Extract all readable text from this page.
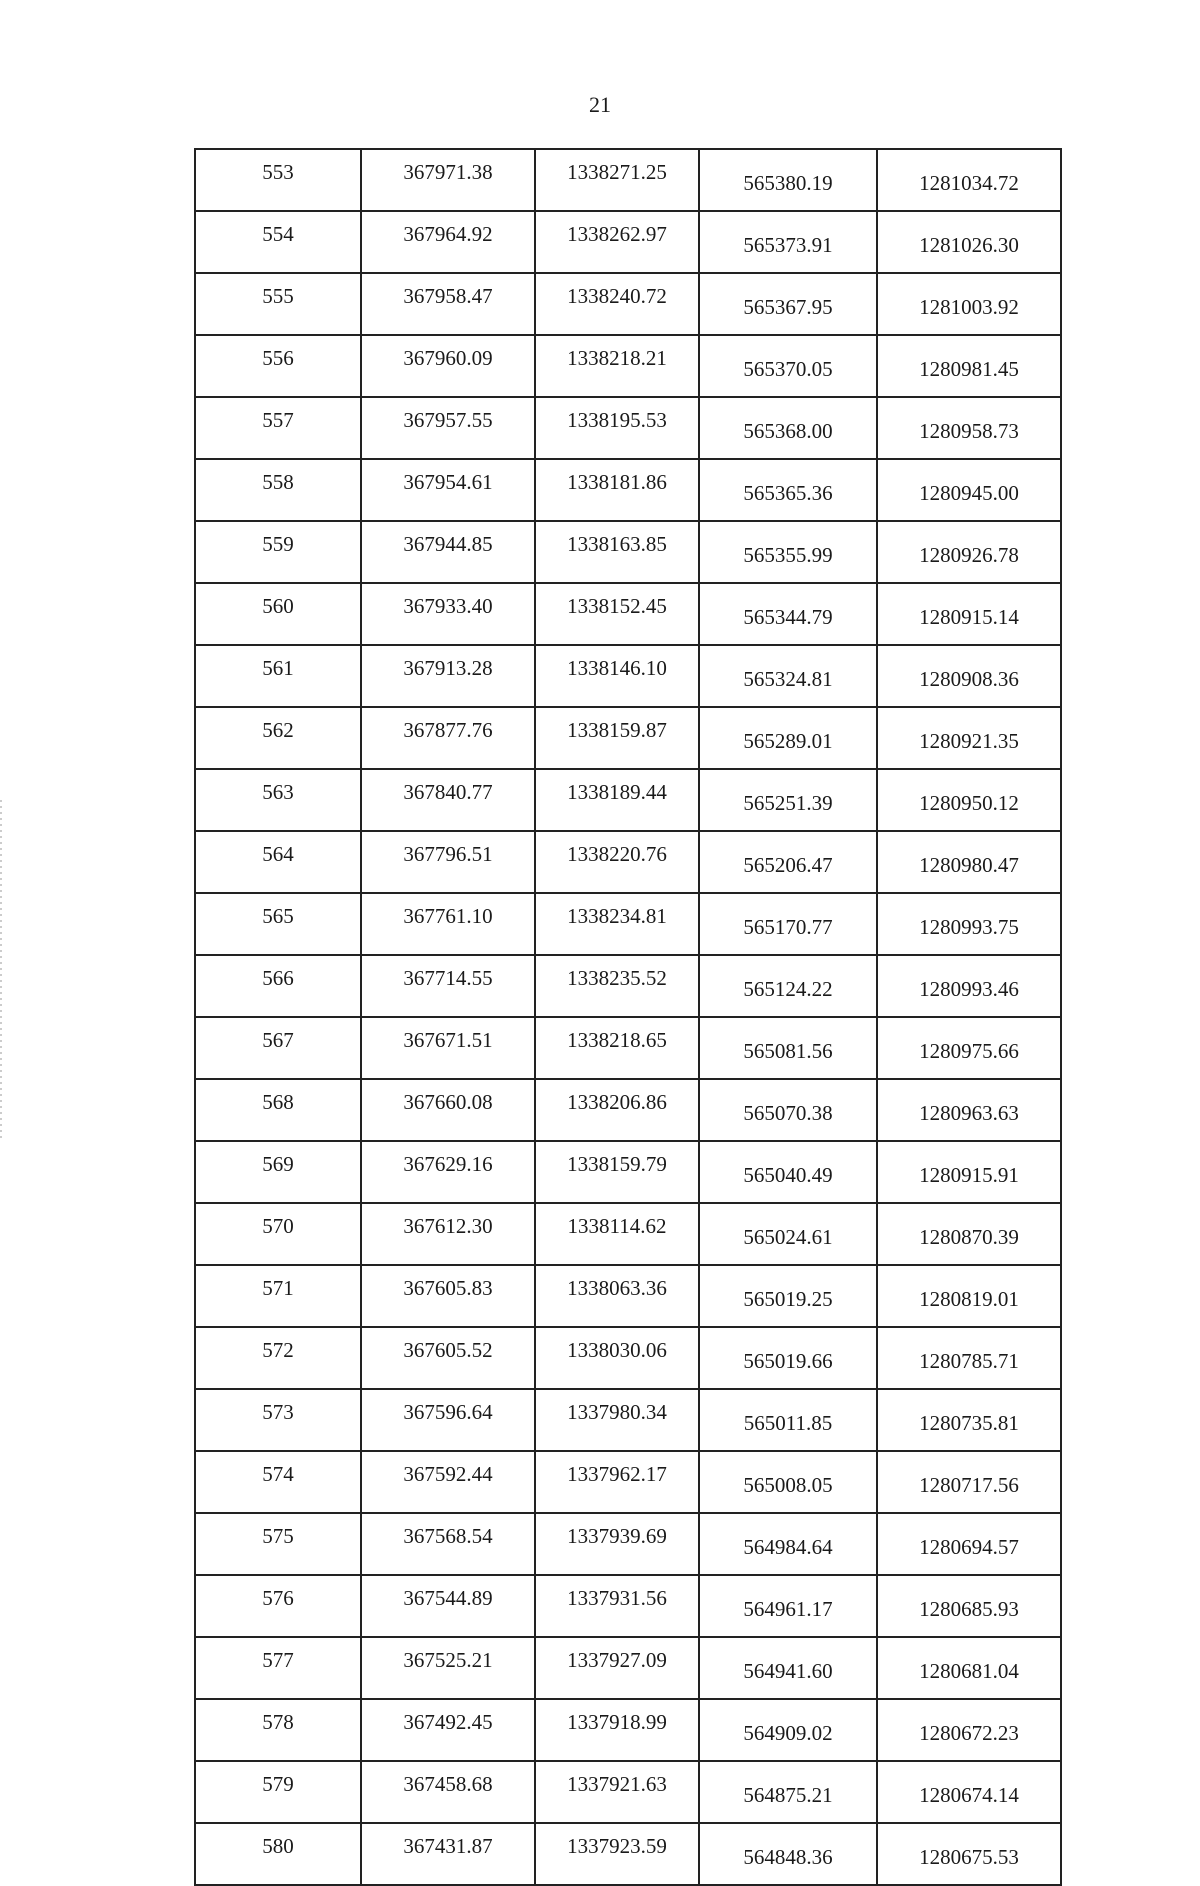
21
553	367971.38	1338271.25	565380.19	1281034.72
554	367964.92	1338262.97	565373.91	1281026.30
555	367958.47	1338240.72	565367.95	1281003.92
556	367960.09	1338218.21	565370.05	1280981.45
557	367957.55	1338195.53	565368.00	1280958.73
558	367954.61	1338181.86	565365.36	1280945.00
559	367944.85	1338163.85	565355.99	1280926.78
560	367933.40	1338152.45	565344.79	1280915.14
561	367913.28	1338146.10	565324.81	1280908.36
562	367877.76	1338159.87	565289.01	1280921.35
563	367840.77	1338189.44	565251.39	1280950.12
564	367796.51	1338220.76	565206.47	1280980.47
565	367761.10	1338234.81	565170.77	1280993.75
566	367714.55	1338235.52	565124.22	1280993.46
567	367671.51	1338218.65	565081.56	1280975.66
568	367660.08	1338206.86	565070.38	1280963.63
569	367629.16	1338159.79	565040.49	1280915.91
570	367612.30	1338114.62	565024.61	1280870.39
571	367605.83	1338063.36	565019.25	1280819.01
572	367605.52	1338030.06	565019.66	1280785.71
573	367596.64	1337980.34	565011.85	1280735.81
574	367592.44	1337962.17	565008.05	1280717.56
575	367568.54	1337939.69	564984.64	1280694.57
576	367544.89	1337931.56	564961.17	1280685.93
577	367525.21	1337927.09	564941.60	1280681.04
578	367492.45	1337918.99	564909.02	1280672.23
579	367458.68	1337921.63	564875.21	1280674.14
580	367431.87	1337923.59	564848.36	1280675.53
